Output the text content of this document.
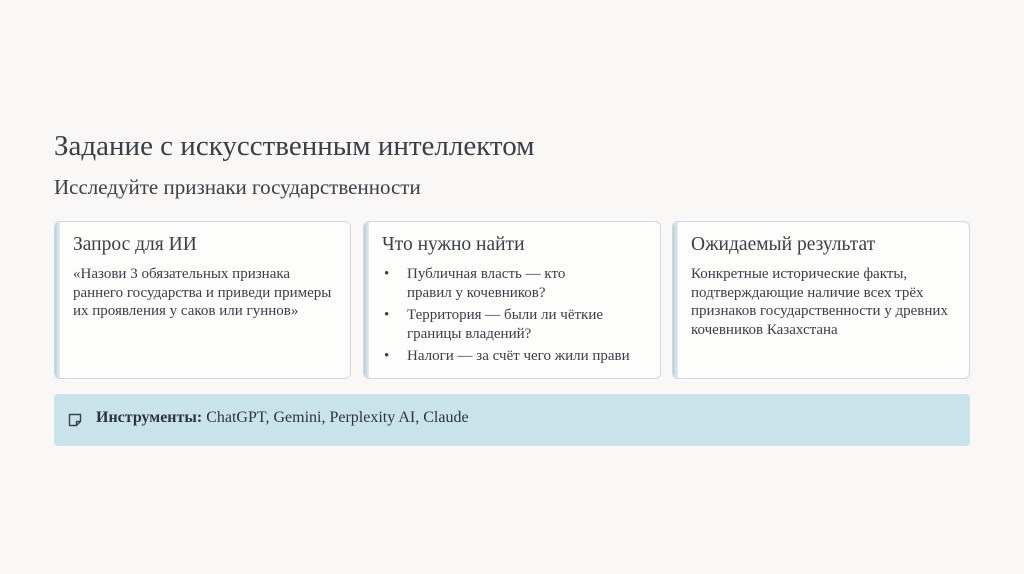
Задание с искусственным интеллектом
Исследуйте признаки государственности
Запрос для ИИ
«Назови 3 обязательных признака раннего государства и приведи примеры их проявления у саков или гуннов»
Что нужно найти
• Публичная власть — кто
правил у кочевников?
• Территория — были ли чёткие
границы владений?
• Налоги — за счёт чего жили прави
Ожидаемый результат
Конкретные исторические факты, подтверждающие наличие всех трёх признаков государственности у древних кочевников Казахстана
Инструменты: ChatGPT, Gemini, Perplexity AI, Claude
